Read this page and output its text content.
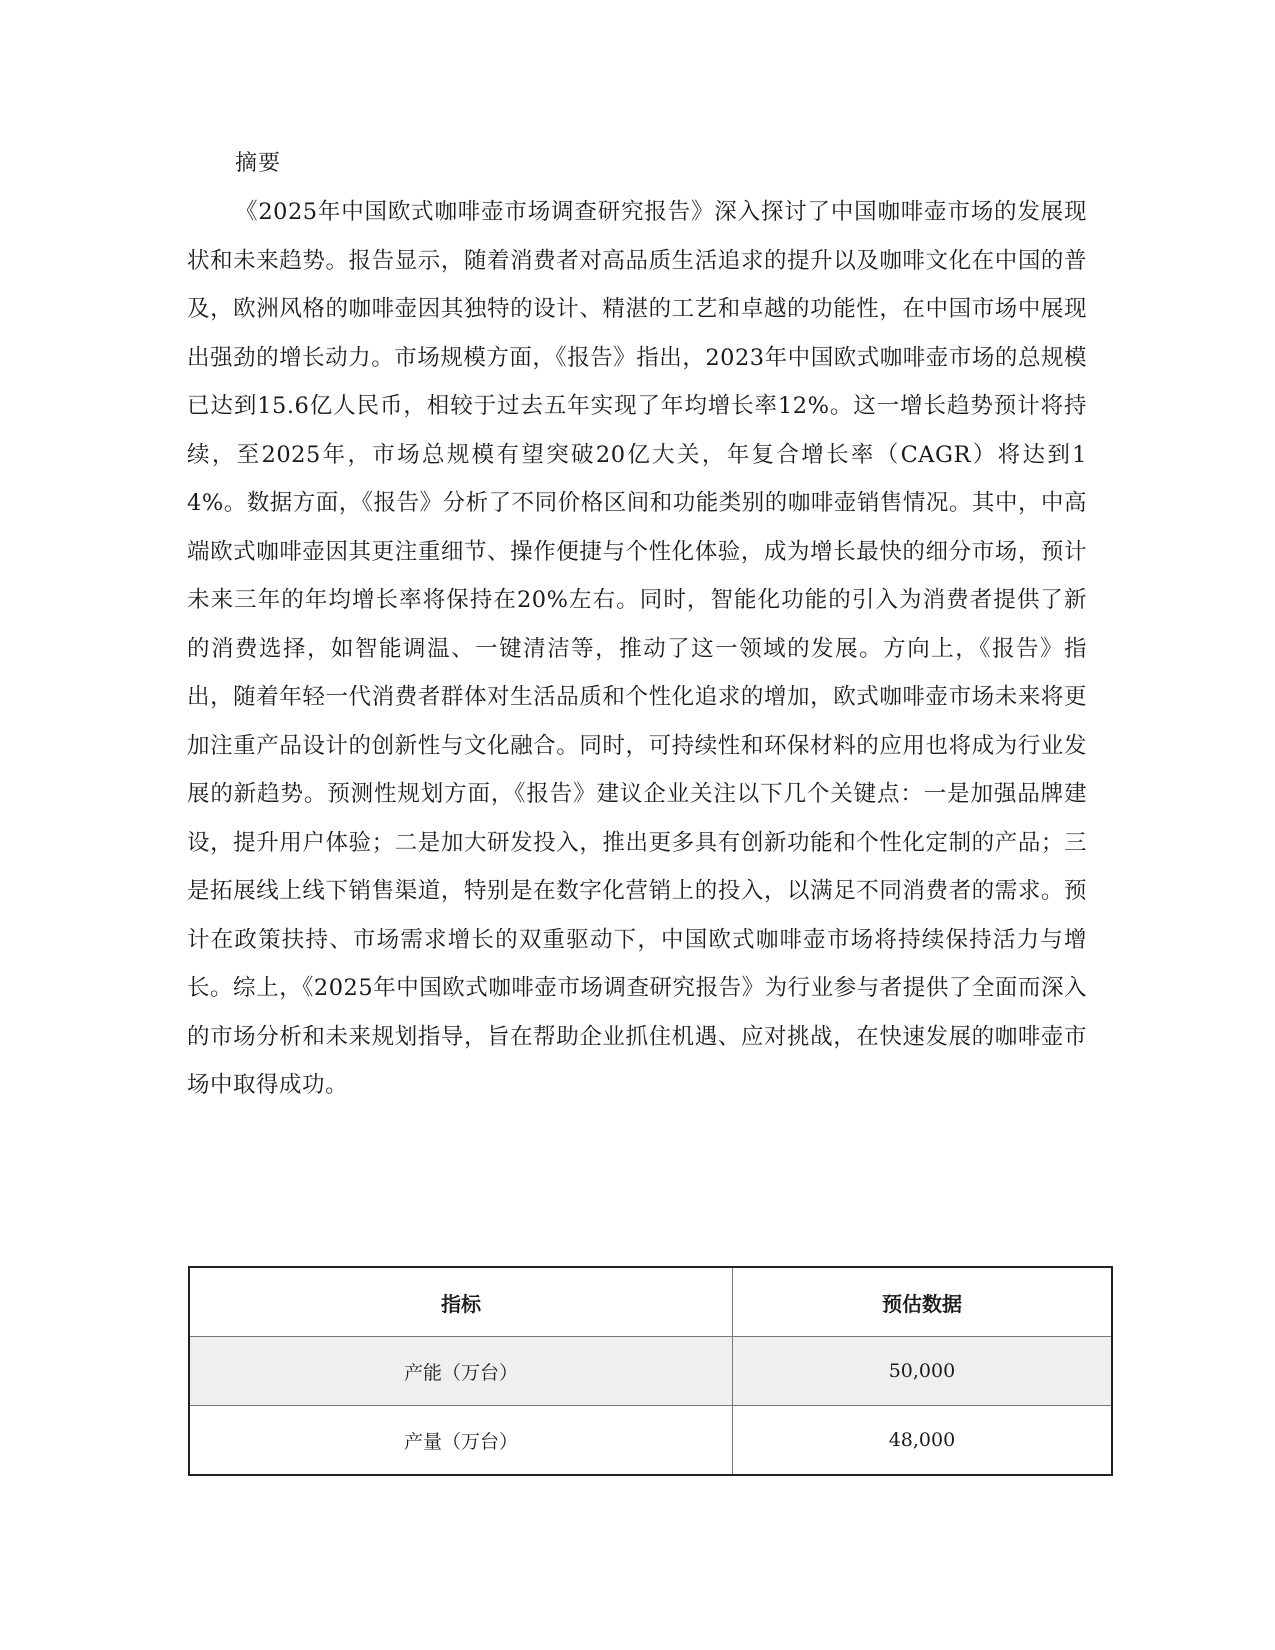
摘要

《2025年中国欧式咖啡壶市场调查研究报告》深入探讨了中国咖啡壶市场的发展现状和未来趋势。报告显示，随着消费者对高品质生活追求的提升以及咖啡文化在中国的普及，欧洲风格的咖啡壶因其独特的设计、精湛的工艺和卓越的功能性，在中国市场中展现出强劲的增长动力。市场规模方面，《报告》指出，2023年中国欧式咖啡壶市场的总规模已达到15.6亿人民币，相较于过去五年实现了年均增长率12%。这一增长趋势预计将持续，至2025年，市场总规模有望突破20亿大关，年复合增长率（CAGR）将达到14%。数据方面，《报告》分析了不同价格区间和功能类别的咖啡壶销售情况。其中，中高端欧式咖啡壶因其更注重细节、操作便捷与个性化体验，成为增长最快的细分市场，预计未来三年的年均增长率将保持在20%左右。同时，智能化功能的引入为消费者提供了新的消费选择，如智能调温、一键清洁等，推动了这一领域的发展。方向上，《报告》指出，随着年轻一代消费者群体对生活品质和个性化追求的增加，欧式咖啡壶市场未来将更加注重产品设计的创新性与文化融合。同时，可持续性和环保材料的应用也将成为行业发展的新趋势。预测性规划方面，《报告》建议企业关注以下几个关键点：一是加强品牌建设，提升用户体验；二是加大研发投入，推出更多具有创新功能和个性化定制的产品；三是拓展线上线下销售渠道，特别是在数字化营销上的投入，以满足不同消费者的需求。预计在政策扶持、市场需求增长的双重驱动下，中国欧式咖啡壶市场将持续保持活力与增长。综上，《2025年中国欧式咖啡壶市场调查研究报告》为行业参与者提供了全面而深入的市场分析和未来规划指导，旨在帮助企业抓住机遇、应对挑战，在快速发展的咖啡壶市场中取得成功。

指标	预估数据
产能（万台）	50,000
产量（万台）	48,000
